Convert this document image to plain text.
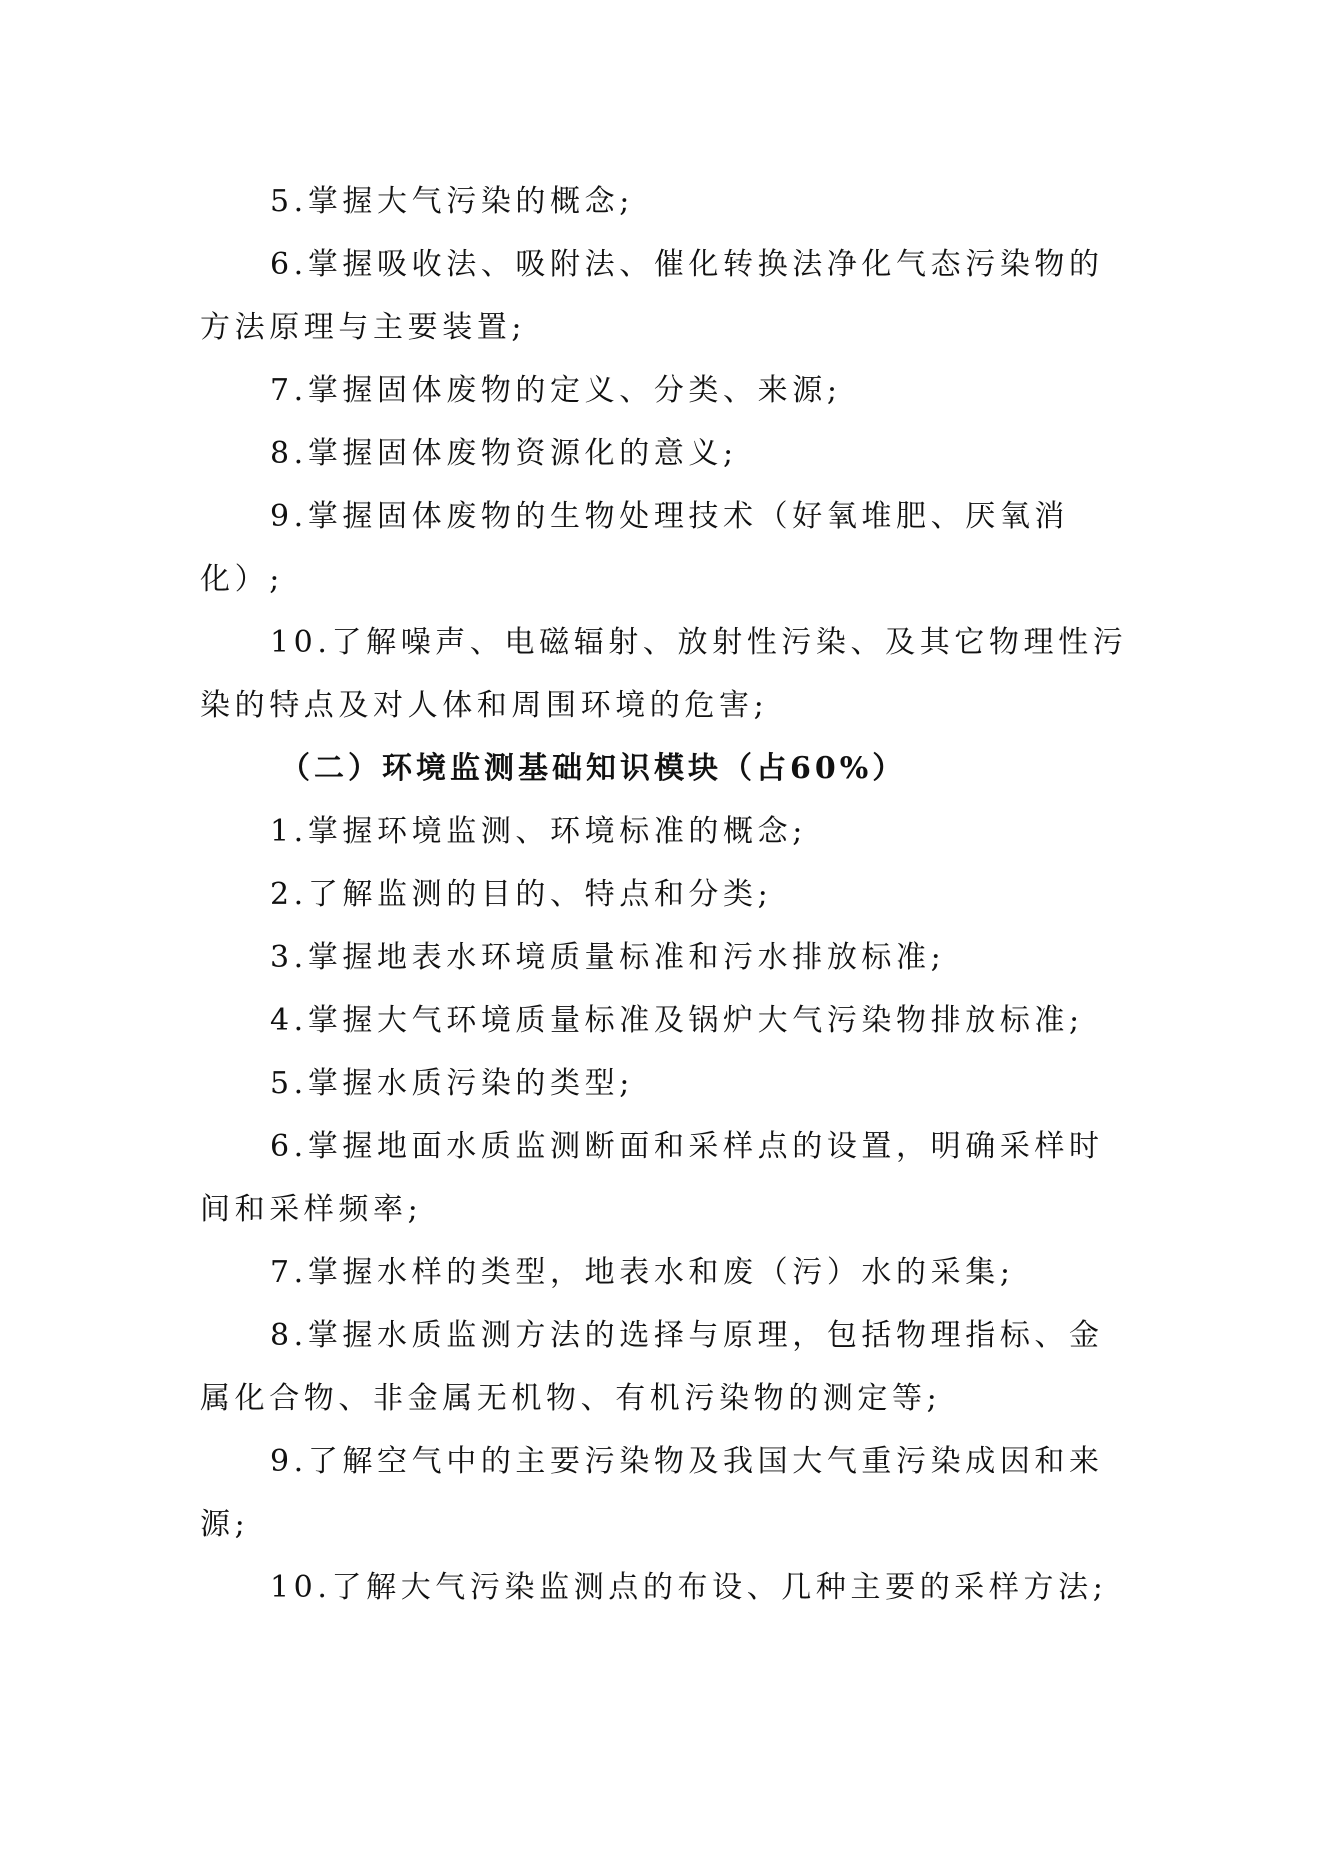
5.掌握大气污染的概念;

6.掌握吸收法、吸附法、催化转换法净化气态污染物的方法原理与主要装置;

7.掌握固体废物的定义、分类、来源;

8.掌握固体废物资源化的意义;

9.掌握固体废物的生物处理技术（好氧堆肥、厌氧消化）;

10.了解噪声、电磁辐射、放射性污染、及其它物理性污染的特点及对人体和周围环境的危害;

（二）环境监测基础知识模块（占60%）

1.掌握环境监测、环境标准的概念;

2.了解监测的目的、特点和分类;

3.掌握地表水环境质量标准和污水排放标准;

4.掌握大气环境质量标准及锅炉大气污染物排放标准;

5.掌握水质污染的类型;

6.掌握地面水质监测断面和采样点的设置，明确采样时间和采样频率;

7.掌握水样的类型，地表水和废（污）水的采集;

8.掌握水质监测方法的选择与原理，包括物理指标、金属化合物、非金属无机物、有机污染物的测定等;

9.了解空气中的主要污染物及我国大气重污染成因和来源;

10.了解大气污染监测点的布设、几种主要的采样方法;
